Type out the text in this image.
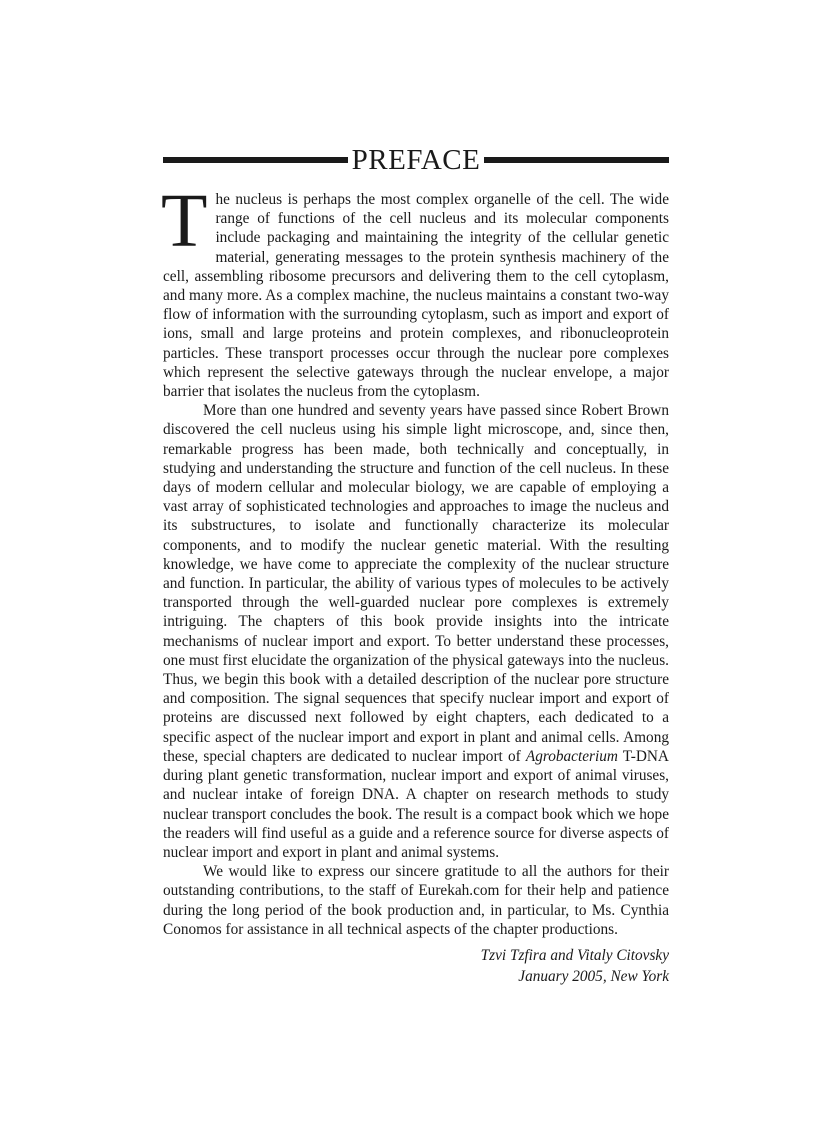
PREFACE

The nucleus is perhaps the most complex organelle of the cell. The wide range of functions of the cell nucleus and its molecular components include packaging and maintaining the integrity of the cellular genetic material, generating messages to the protein synthesis machinery of the cell, assembling ribosome precursors and delivering them to the cell cytoplasm, and many more. As a complex machine, the nucleus maintains a constant two-way flow of information with the surrounding cytoplasm, such as import and export of ions, small and large proteins and protein complexes, and ribonucleoprotein particles. These transport processes occur through the nuclear pore complexes which represent the selective gateways through the nuclear envelope, a major barrier that isolates the nucleus from the cytoplasm.

More than one hundred and seventy years have passed since Robert Brown discovered the cell nucleus using his simple light microscope, and, since then, remarkable progress has been made, both technically and conceptually, in studying and understanding the structure and function of the cell nucleus. In these days of modern cellular and molecular biology, we are capable of employing a vast array of sophisticated technologies and approaches to image the nucleus and its substructures, to isolate and functionally characterize its molecular components, and to modify the nuclear genetic material. With the resulting knowledge, we have come to appreciate the complexity of the nuclear structure and function. In particular, the ability of various types of molecules to be actively transported through the well-guarded nuclear pore complexes is extremely intriguing. The chapters of this book provide insights into the intricate mechanisms of nuclear import and export. To better understand these processes, one must first elucidate the organization of the physical gateways into the nucleus. Thus, we begin this book with a detailed description of the nuclear pore structure and composition. The signal sequences that specify nuclear import and export of proteins are discussed next followed by eight chapters, each dedicated to a specific aspect of the nuclear import and export in plant and animal cells. Among these, special chapters are dedicated to nuclear import of Agrobacterium T-DNA during plant genetic transformation, nuclear import and export of animal viruses, and nuclear intake of foreign DNA. A chapter on research methods to study nuclear transport concludes the book. The result is a compact book which we hope the readers will find useful as a guide and a reference source for diverse aspects of nuclear import and export in plant and animal systems.

We would like to express our sincere gratitude to all the authors for their outstanding contributions, to the staff of Eurekah.com for their help and patience during the long period of the book production and, in particular, to Ms. Cynthia Conomos for assistance in all technical aspects of the chapter productions.

Tzvi Tzfira and Vitaly Citovsky
January 2005, New York
